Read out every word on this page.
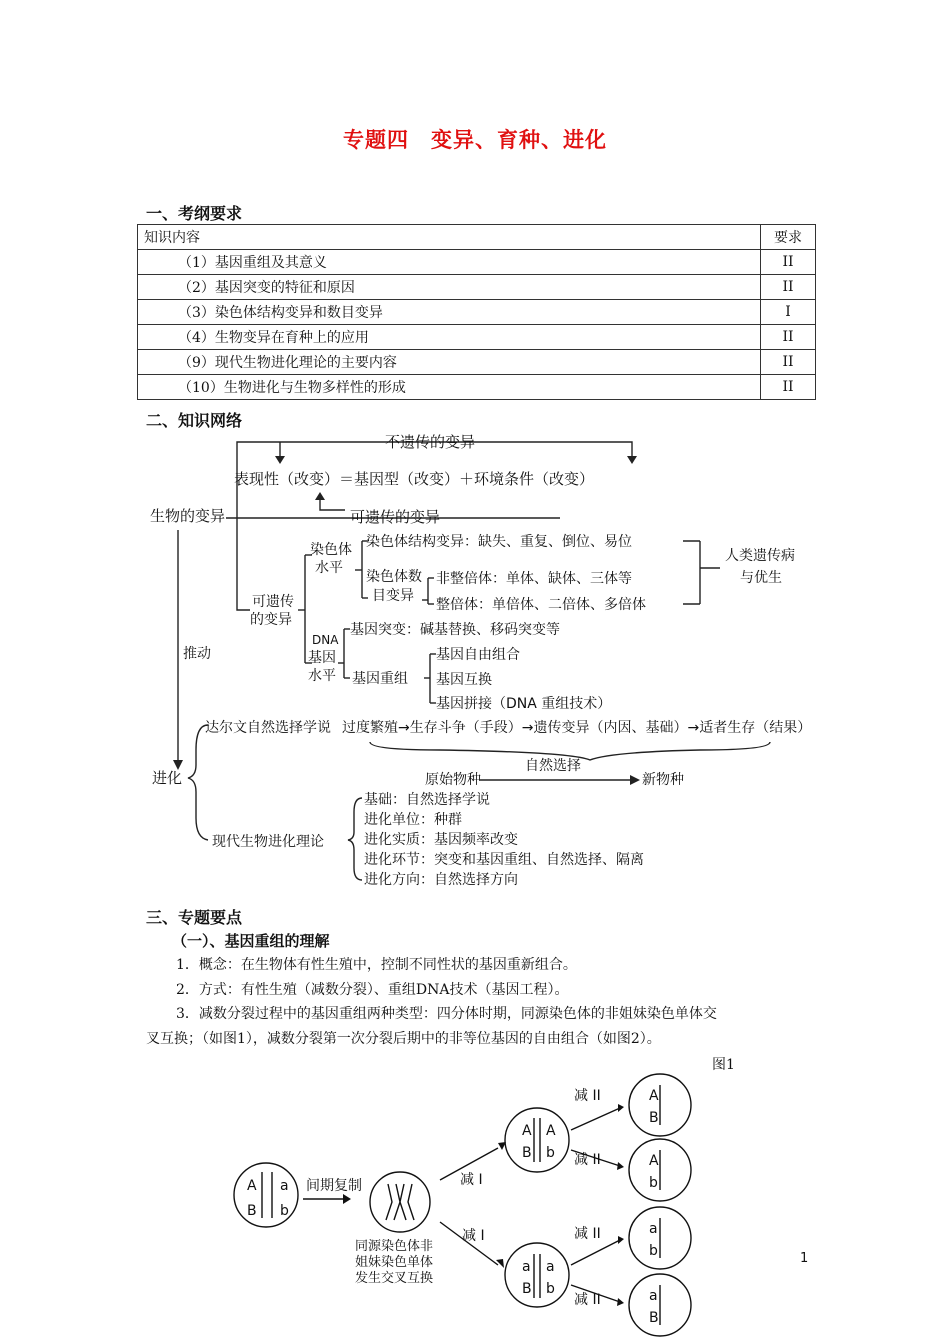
专题四　变异、育种、进化
一、考纲要求
知识内容	要求
（1）基因重组及其意义	II
（2）基因突变的特征和原因	II
（3）染色体结构变异和数目变异	I
（4）生物变异在育种上的应用	II
（9）现代生物进化理论的主要内容	II
（10）生物进化与生物多样性的形成	II
二、知识网络
不遗传的变异
表现性（改变）＝基因型（改变）＋环境条件（改变）
可遗传的变异
生物的变异
可遗传
的变异
染色体
水平
染色体结构变异：缺失、重复、倒位、易位
染色体数
目变异
非整倍体：单体、缺体、三体等
整倍体：单倍体、二倍体、多倍体
人类遗传病
与优生
DNA
基因
水平
基因突变：碱基替换、移码突变等
基因重组
基因自由组合
基因互换
基因拼接（DNA 重组技术）
推动
进化
达尔文自然选择学说 过度繁殖→生存斗争（手段）→遗传变异（内因、基础）→适者生存（结果）
自然选择
原始物种	新物种
现代生物进化理论
基础：自然选择学说
进化单位：种群
进化实质：基因频率改变
进化环节：突变和基因重组、自然选择、隔离
进化方向：自然选择方向
三、专题要点
（一）、基因重组的理解
1．概念：在生物体有性生殖中，控制不同性状的基因重新组合。
2．方式：有性生殖（减数分裂）、重组DNA技术（基因工程）。
3．减数分裂过程中的基因重组两种类型：四分体时期，同源染色体的非姐妹染色单体交
叉互换；（如图1），减数分裂第一次分裂后期中的非等位基因的自由组合（如图2）。
图1
A a
B b
间期复制	减 I
减 I
减 II
减 II
减 II
减 II
A A
B b
a a
B b
A
B
A
b
a
b
a
B
同源染色体非
姐妹染色单体
发生交叉互换
1
